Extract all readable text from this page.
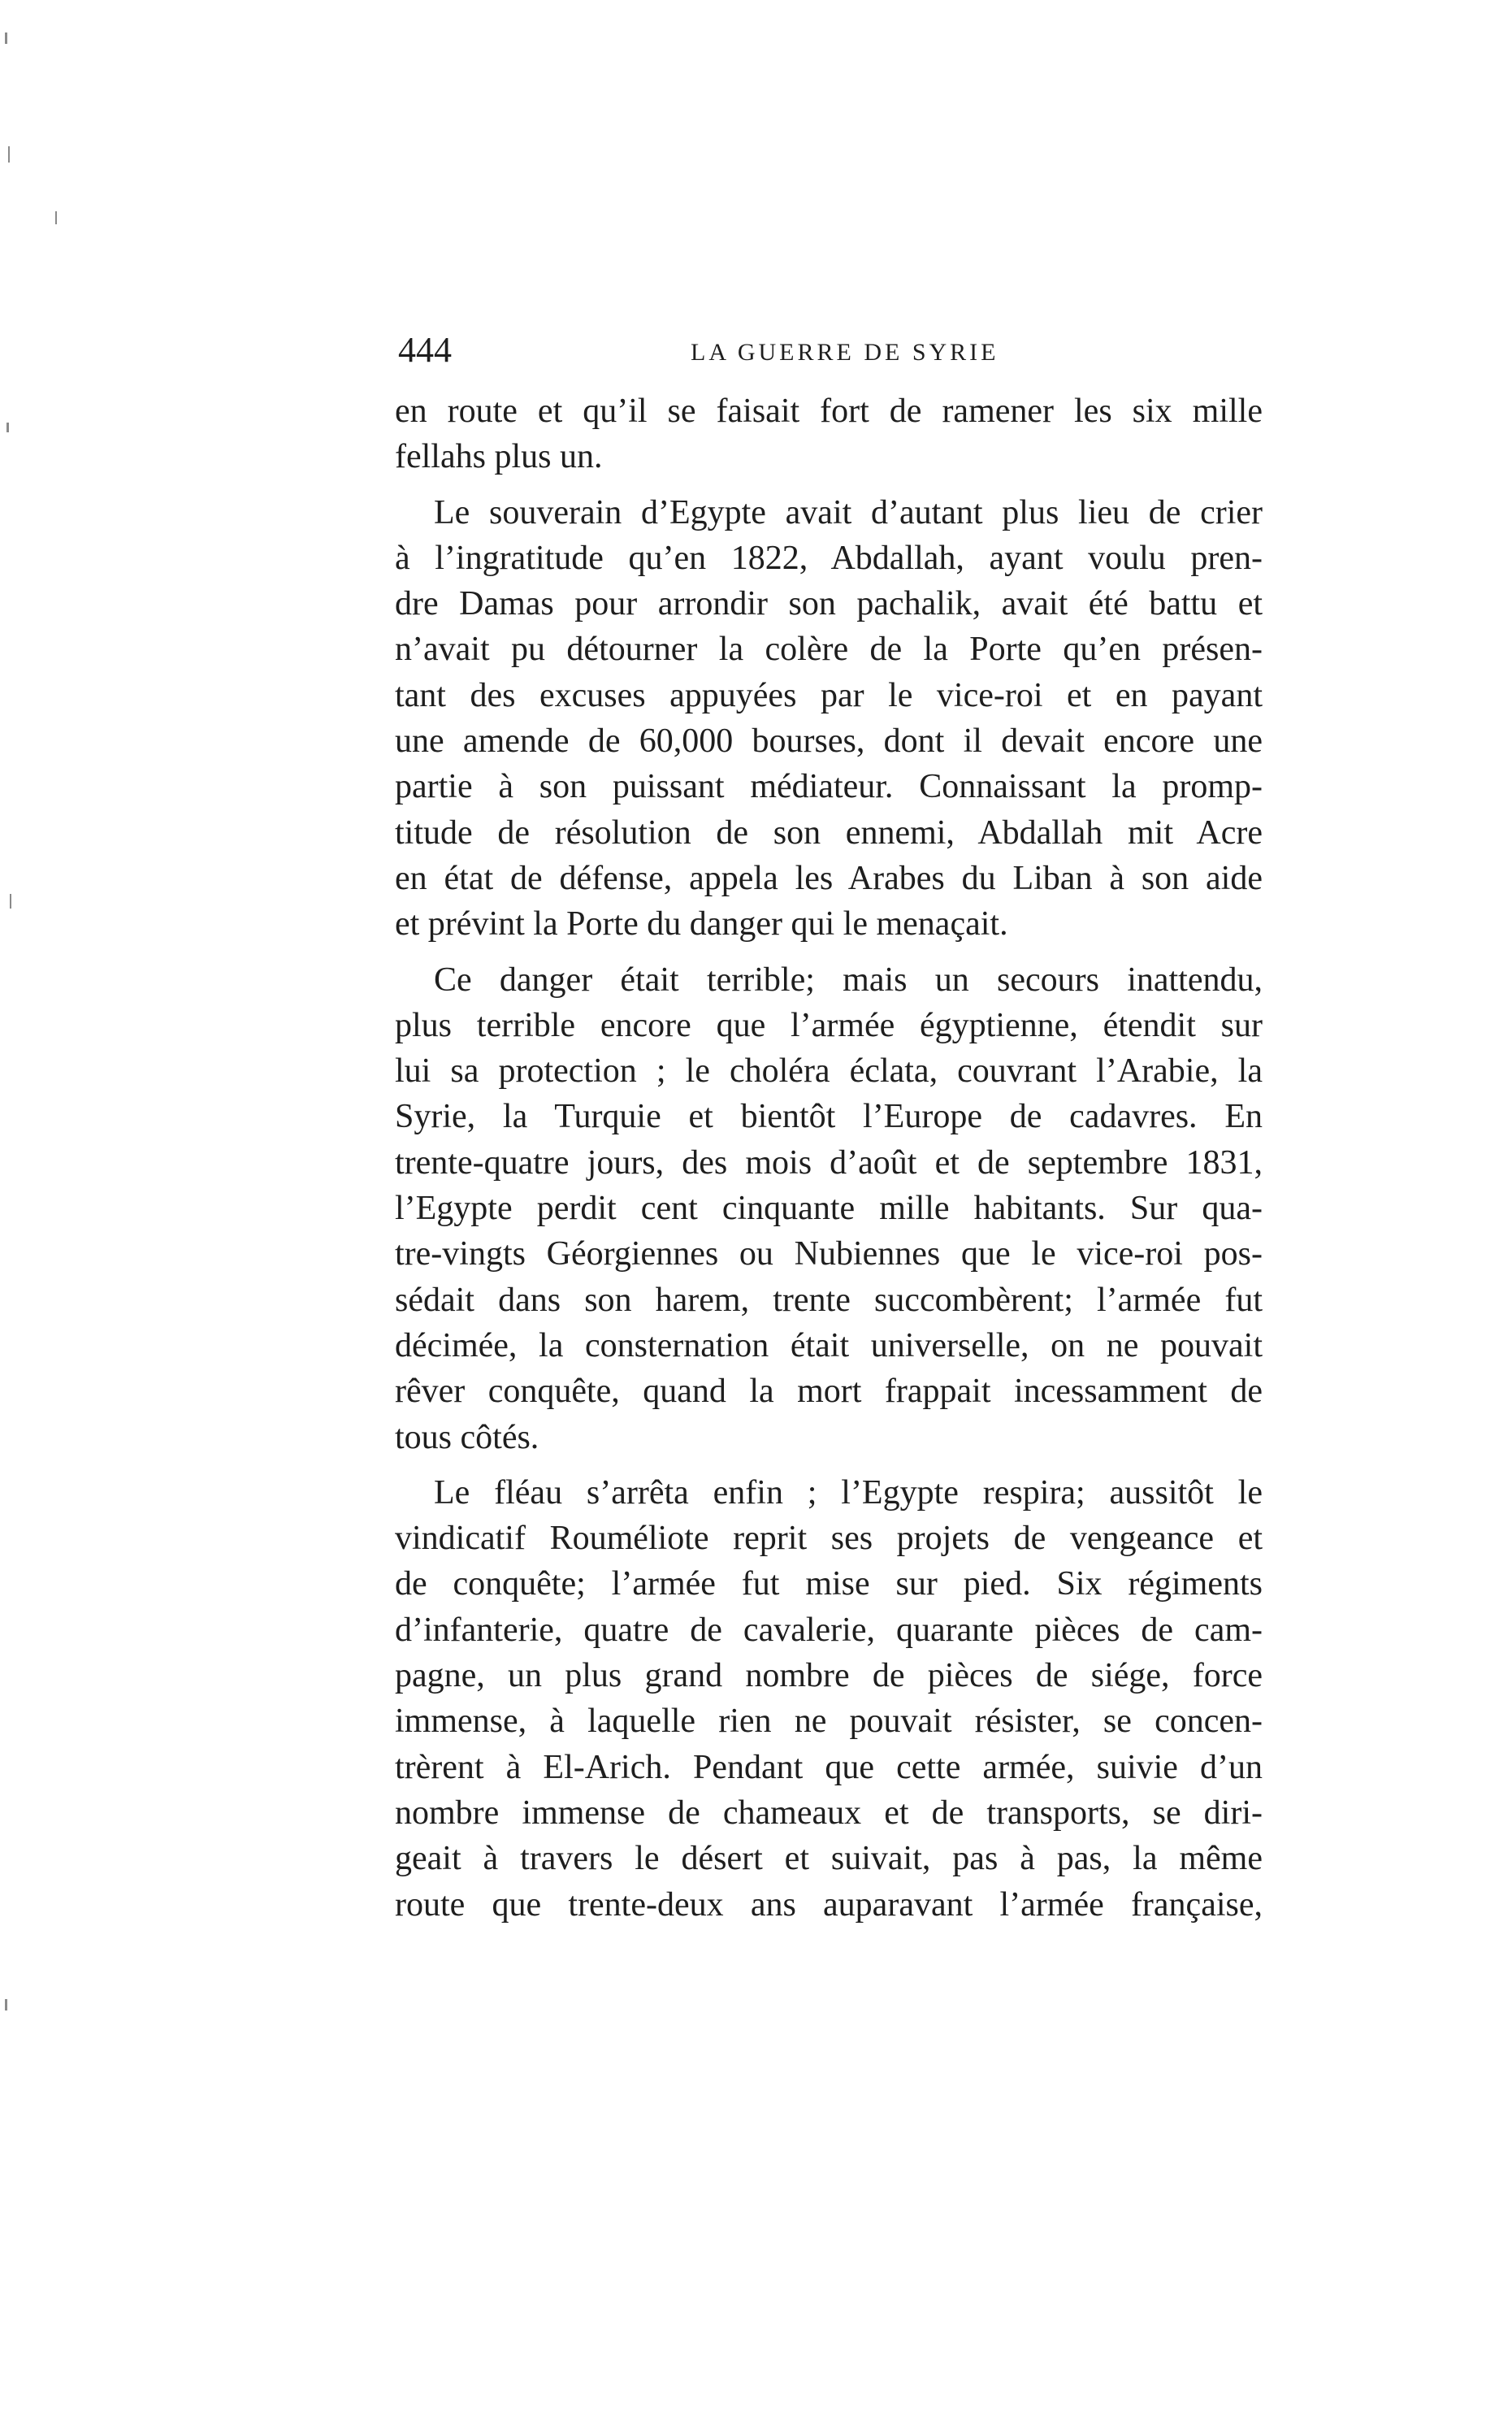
444	LA GUERRE DE SYRIE

en route et qu’il se faisait fort de ramener les six mille

fellahs plus un.

Le souverain d’Egypte avait d’autant plus lieu de crier

à l’ingratitude qu’en 1822, Abdallah, ayant voulu pren-

dre Damas pour arrondir son pachalik, avait été battu et

n’avait pu détourner la colère de la Porte qu’en présen-

tant des excuses appuyées par le vice-roi et en payant

une amende de 60,000 bourses, dont il devait encore une

partie à son puissant médiateur. Connaissant la promp-

titude de résolution de son ennemi, Abdallah mit Acre

en état de défense, appela les Arabes du Liban à son aide

et prévint la Porte du danger qui le menaçait.

Ce danger était terrible; mais un secours inattendu,

plus terrible encore que l’armée égyptienne, étendit sur

lui sa protection ; le choléra éclata, couvrant l’Arabie, la

Syrie, la Turquie et bientôt l’Europe de cadavres. En

trente-quatre jours, des mois d’août et de septembre 1831,

l’Egypte perdit cent cinquante mille habitants. Sur qua-

tre-vingts Géorgiennes ou Nubiennes que le vice-roi pos-

sédait dans son harem, trente succombèrent; l’armée fut

décimée, la consternation était universelle, on ne pouvait

rêver conquête, quand la mort frappait incessamment de

tous côtés.

Le fléau s’arrêta enfin ; l’Egypte respira; aussitôt le

vindicatif Rouméliote reprit ses projets de vengeance et

de conquête; l’armée fut mise sur pied. Six régiments

d’infanterie, quatre de cavalerie, quarante pièces de cam-

pagne, un plus grand nombre de pièces de siége, force

immense, à laquelle rien ne pouvait résister, se concen-

trèrent à El-Arich. Pendant que cette armée, suivie d’un

nombre immense de chameaux et de transports, se diri-

geait à travers le désert et suivait, pas à pas, la même

route que trente-deux ans auparavant l’armée française,
